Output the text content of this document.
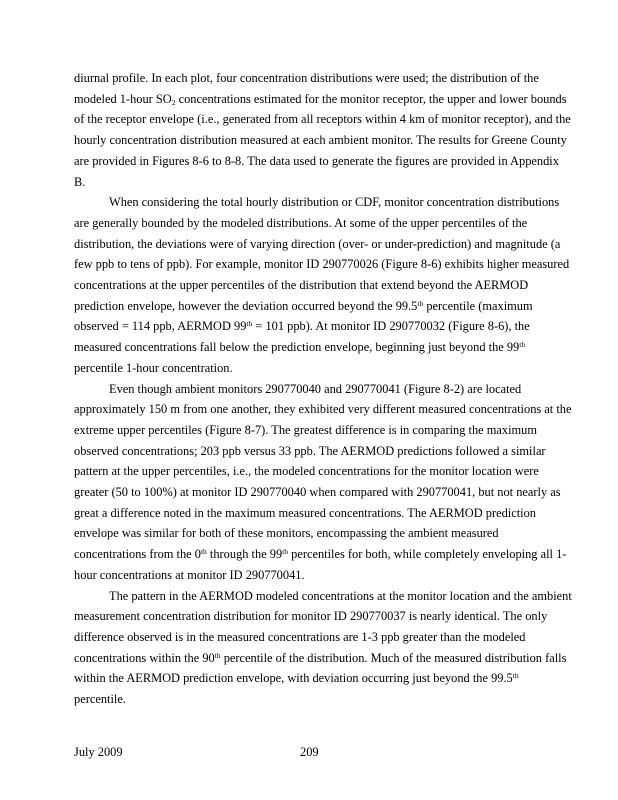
diurnal profile. In each plot, four concentration distributions were used; the distribution of the modeled 1-hour $SO_2$ concentrations estimated for the monitor receptor, the upper and lower bounds of the receptor envelope (i.e., generated from all receptors within 4 km of monitor receptor), and the hourly concentration distribution measured at each ambient monitor. The results for Greene County are provided in Figures 8-6 to 8-8. The data used to generate the figures are provided in Appendix B.

When considering the total hourly distribution or CDF, monitor concentration distributions are generally bounded by the modeled distributions. At some of the upper percentiles of the distribution, the deviations were of varying direction (over- or under-prediction) and magnitude (a few ppb to tens of ppb). For example, monitor ID 290770026 (Figure 8-6) exhibits higher measured concentrations at the upper percentiles of the distribution that extend beyond the AERMOD prediction envelope, however the deviation occurred beyond the 99.5th percentile (maximum observed = 114 ppb, AERMOD 99th = 101 ppb). At monitor ID 290770032 (Figure 8-6), the measured concentrations fall below the prediction envelope, beginning just beyond the 99th percentile 1-hour concentration.

Even though ambient monitors 290770040 and 290770041 (Figure 8-2) are located approximately 150 m from one another, they exhibited very different measured concentrations at the extreme upper percentiles (Figure 8-7). The greatest difference is in comparing the maximum observed concentrations; 203 ppb versus 33 ppb. The AERMOD predictions followed a similar pattern at the upper percentiles, i.e., the modeled concentrations for the monitor location were greater (50 to 100%) at monitor ID 290770040 when compared with 290770041, but not nearly as great a difference noted in the maximum measured concentrations. The AERMOD prediction envelope was similar for both of these monitors, encompassing the ambient measured concentrations from the 0th through the 99th percentiles for both, while completely enveloping all 1-hour concentrations at monitor ID 290770041.

The pattern in the AERMOD modeled concentrations at the monitor location and the ambient measurement concentration distribution for monitor ID 290770037 is nearly identical. The only difference observed is in the measured concentrations are 1-3 ppb greater than the modeled concentrations within the 90th percentile of the distribution. Much of the measured distribution falls within the AERMOD prediction envelope, with deviation occurring just beyond the 99.5th percentile.

July 2009	209
